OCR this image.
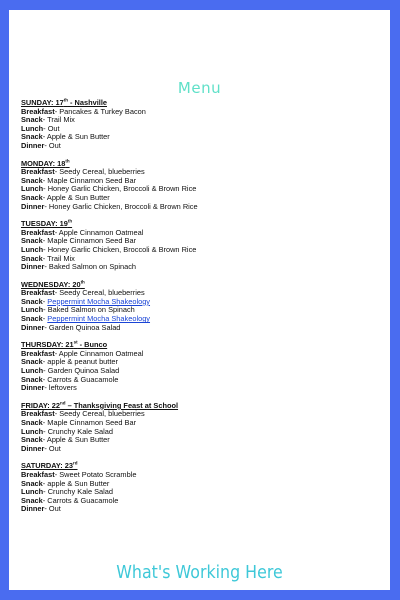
Menu
SUNDAY: 17th - Nashville
Breakfast- Pancakes & Turkey Bacon
Snack- Trail Mix
Lunch- Out
Snack- Apple & Sun Butter
Dinner- Out
MONDAY: 18th
Breakfast- Seedy Cereal, blueberries
Snack- Maple Cinnamon Seed Bar
Lunch- Honey Garlic Chicken, Broccoli & Brown Rice
Snack- Apple & Sun Butter
Dinner- Honey Garlic Chicken, Broccoli & Brown Rice
TUESDAY: 19th
Breakfast- Apple Cinnamon Oatmeal
Snack- Maple Cinnamon Seed Bar
Lunch- Honey Garlic Chicken, Broccoli & Brown Rice
Snack- Trail Mix
Dinner- Baked Salmon on Spinach
WEDNESDAY: 20th
Breakfast- Seedy Cereal, blueberries
Snack- Peppermint Mocha Shakeology
Lunch- Baked Salmon on Spinach
Snack- Peppermint Mocha Shakeology
Dinner- Garden Quinoa Salad
THURSDAY: 21st - Bunco
Breakfast- Apple Cinnamon Oatmeal
Snack- apple & peanut butter
Lunch- Garden Quinoa Salad
Snack- Carrots & Guacamole
Dinner- leftovers
FRIDAY: 22nd – Thanksgiving Feast at School
Breakfast- Seedy Cereal, blueberries
Snack- Maple Cinnamon Seed Bar
Lunch- Crunchy Kale Salad
Snack- Apple & Sun Butter
Dinner- Out
SATURDAY: 23rd
Breakfast- Sweet Potato Scramble
Snack- apple & Sun Butter
Lunch- Crunchy Kale Salad
Snack- Carrots & Guacamole
Dinner- Out
What's Working Here
